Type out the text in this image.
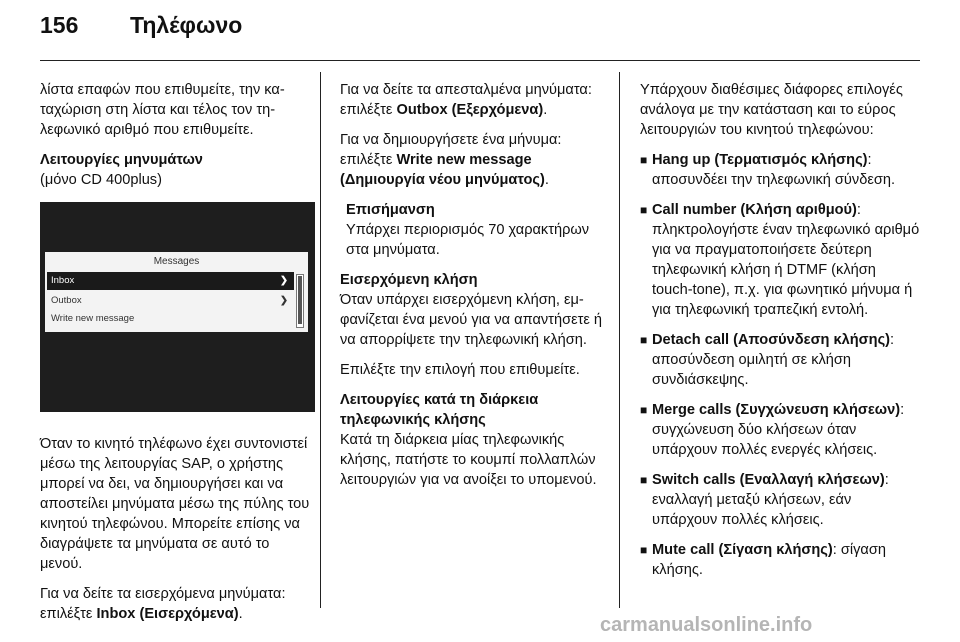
156 Τηλέφωνο

λίστα επαφών που επιθυμείτε, την καταχώριση στη λίστα και τέλος τον τηλεφωνικό αριθμό που επιθυμείτε.

Λειτουργίες μηνυμάτων
(μόνο CD 400plus)
Messages
Inbox	❯
Outbox	❯
Write new message

Όταν το κινητό τηλέφωνο έχει συντονιστεί μέσω της λειτουργίας SAP, ο χρήστης μπορεί να δει, να δημιουργήσει και να αποστείλει μηνύματα μέσω της πύλης του κινητού τηλεφώνου. Μπορείτε επίσης να διαγράψετε τα μηνύματα σε αυτό το μενού.

Για να δείτε τα εισερχόμενα μηνύματα: επιλέξτε Inbox (Εισερχόμενα).

Για να δείτε τα απεσταλμένα μηνύματα: επιλέξτε Outbox (Εξερχόμενα).

Για να δημιουργήσετε ένα μήνυμα: επιλέξτε Write new message (Δημιουργία νέου μηνύματος).

Επισήμανση
Υπάρχει περιορισμός 70 χαρακτήρων στα μηνύματα.
Εισερχόμενη κλήση

Όταν υπάρχει εισερχόμενη κλήση, εμφανίζεται ένα μενού για να απαντήσετε ή να απορρίψετε την τηλεφωνική κλήση.

Επιλέξτε την επιλογή που επιθυμείτε.

Λειτουργίες κατά τη διάρκεια τηλεφωνικής κλήσης

Κατά τη διάρκεια μίας τηλεφωνικής κλήσης, πατήστε το κουμπί πολλαπλών λειτουργιών για να ανοίξει το υπομενού.

Υπάρχουν διαθέσιμες διάφορες επιλογές ανάλογα με την κατάσταση και το εύρος λειτουργιών του κινητού τηλεφώνου:

■ Hang up (Τερματισμός κλήσης): αποσυνδέει την τηλεφωνική σύνδεση.
■ Call number (Κλήση αριθμού): πληκτρολογήστε έναν τηλεφωνικό αριθμό για να πραγματοποιήσετε δεύτερη τηλεφωνική κλήση ή DTMF (κλήση touch-tone), π.χ. για φωνητικό μήνυμα ή για τηλεφωνική τραπεζική εντολή.
■ Detach call (Αποσύνδεση κλήσης): αποσύνδεση ομιλητή σε κλήση συνδιάσκεψης.
■ Merge calls (Συγχώνευση κλήσεων): συγχώνευση δύο κλήσεων όταν υπάρχουν πολλές ενεργές κλήσεις.
■ Switch calls (Εναλλαγή κλήσεων): εναλλαγή μεταξύ κλήσεων, εάν υπάρχουν πολλές κλήσεις.
■ Mute call (Σίγαση κλήσης): σίγαση κλήσης.
carmanualsonline.info
